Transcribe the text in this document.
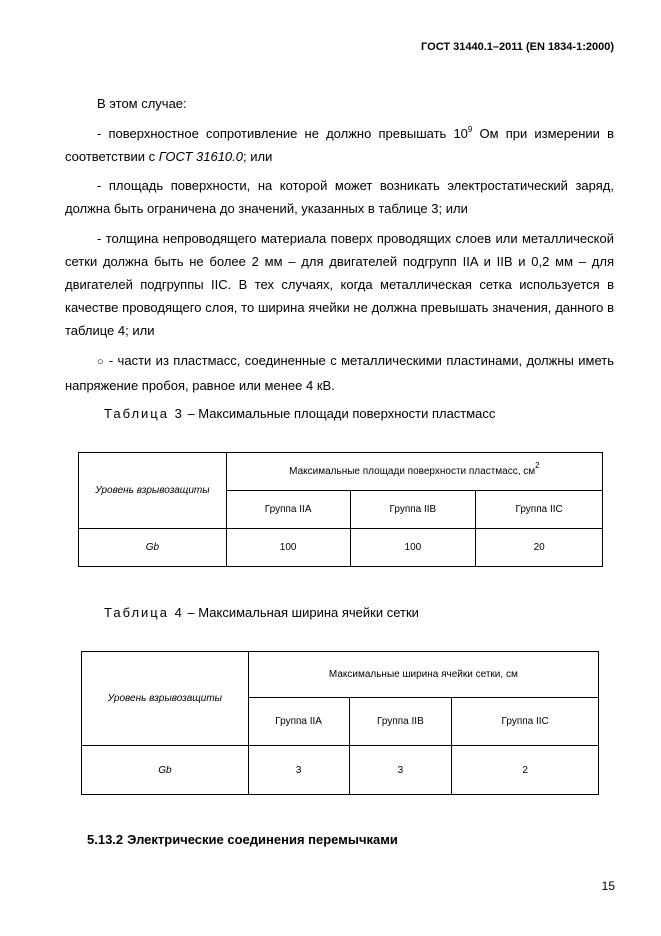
ГОСТ 31440.1–2011 (EN 1834-1:2000)
В этом случае:
- поверхностное сопротивление не должно превышать $10^9$ Ом при измерении в соответствии с ГОСТ 31610.0; или
- площадь поверхности, на которой может возникать электростатический заряд, должна быть ограничена до значений, указанных в таблице 3; или
- толщина непроводящего материала поверх проводящих слоев или металлической сетки должна быть не более 2 мм – для двигателей подгрупп IIA и IIB и 0,2 мм – для двигателей подгруппы IIC. В тех случаях, когда металлическая сетка используется в качестве проводящего слоя, то ширина ячейки не должна превышать значения, данного в таблице 4; или
○ - части из пластмасс, соединенные с металлическими пластинами, должны иметь напряжение пробоя, равное или менее 4 кВ.
Таблица 3 – Максимальные площади поверхности пластмасс
Уровень взрывозащиты	Максимальные площади поверхности пластмасс, $см^2$
	Группа IIA	Группа IIB	Группа IIC
Gb	100	100	20
Таблица 4 – Максимальная ширина ячейки сетки
Уровень взрывозащиты	Максимальные ширина ячейки сетки, см		
	Группа IIA	Группа IIB	Группа IIC
Gb	3	3	2
5.13.2 Электрические соединения перемычками
15
